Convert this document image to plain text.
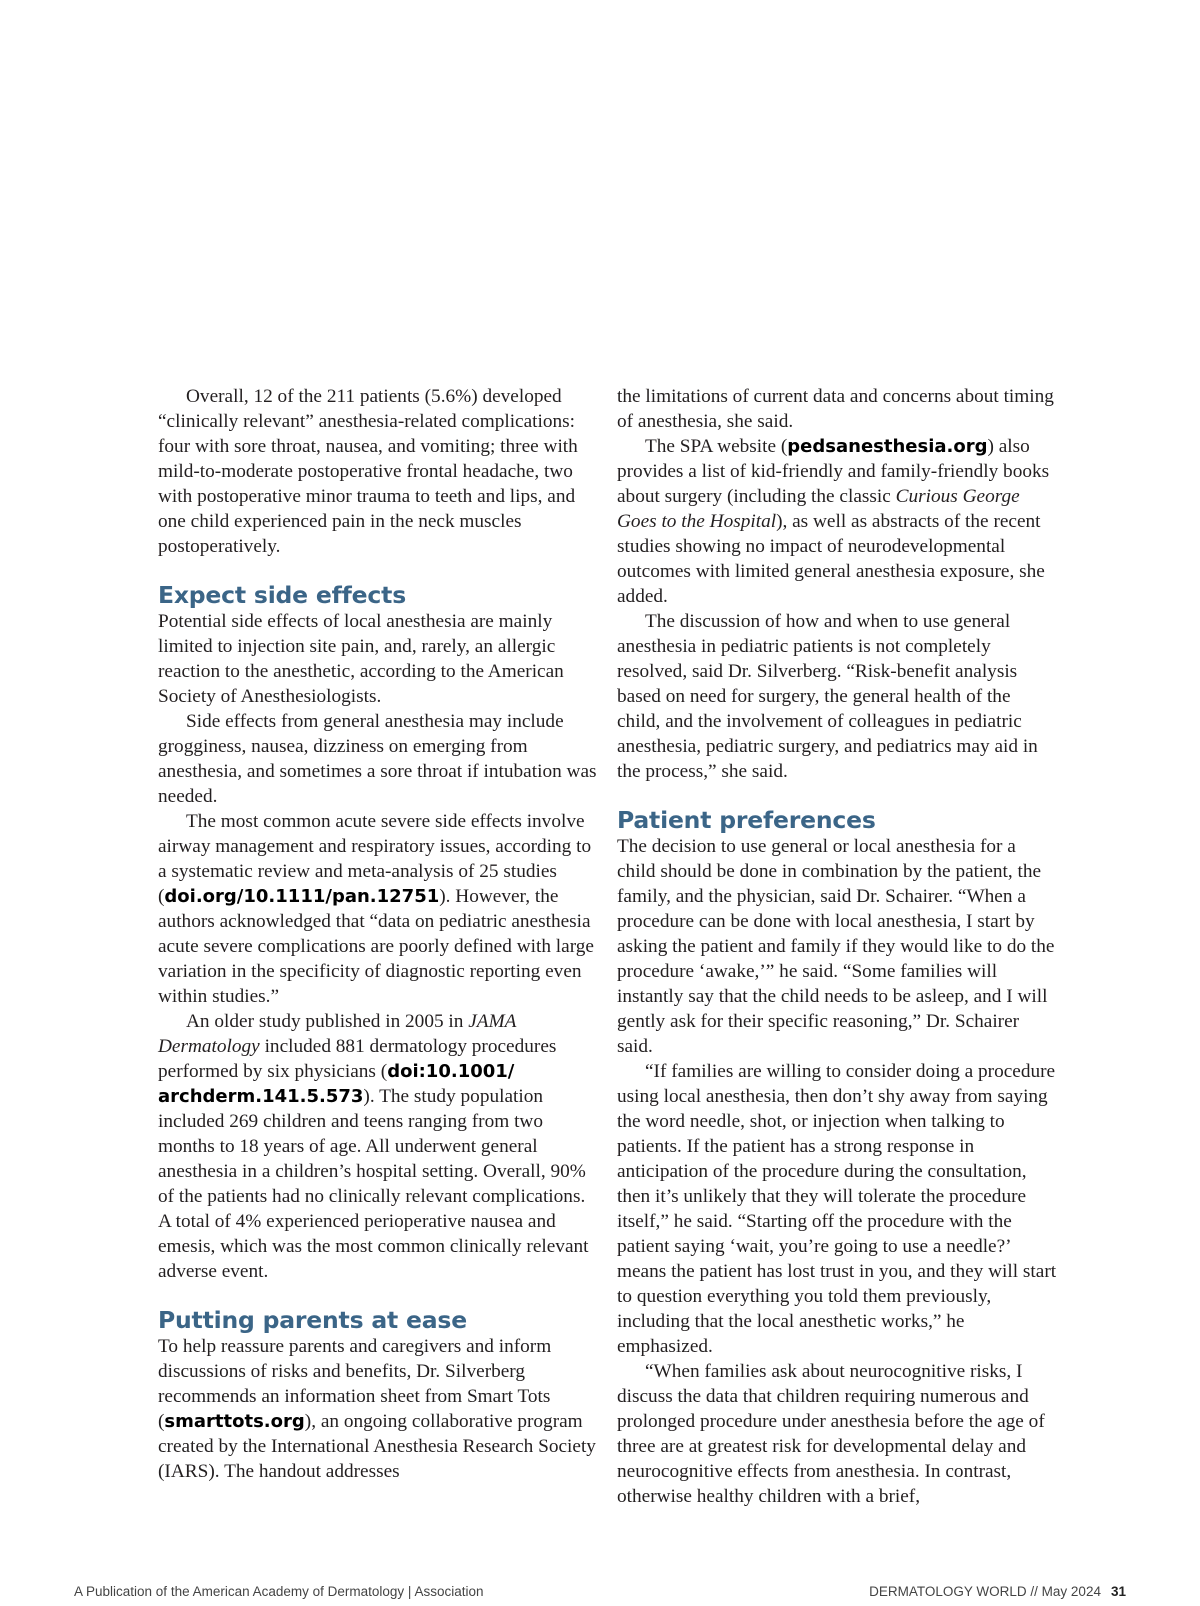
Overall, 12 of the 211 patients (5.6%) developed “clinically relevant” anesthesia-related complications: four with sore throat, nausea, and vomiting; three with mild-to-moderate postoperative frontal headache, two with postoperative minor trauma to teeth and lips, and one child experienced pain in the neck muscles postoperatively.

Expect side effects

Potential side effects of local anesthesia are mainly limited to injection site pain, and, rarely, an allergic reaction to the anesthetic, according to the American Society of Anesthesiologists.

Side effects from general anesthesia may include grogginess, nausea, dizziness on emerging from anesthesia, and sometimes a sore throat if intubation was needed.

The most common acute severe side effects involve airway management and respiratory issues, according to a systematic review and meta-analysis of 25 studies (doi.org/10.1111/pan.12751). However, the authors acknowledged that “data on pediatric anesthesia acute severe complications are poorly defined with large variation in the specificity of diagnostic reporting even within studies.”

An older study published in 2005 in JAMA Dermatology included 881 dermatology procedures performed by six physicians (doi:10.1001/ archderm.141.5.573). The study population included 269 children and teens ranging from two months to 18 years of age. All underwent general anesthesia in a children’s hospital setting. Overall, 90% of the patients had no clinically relevant complications. A total of 4% experienced perioperative nausea and emesis, which was the most common clinically relevant adverse event.

Putting parents at ease

To help reassure parents and caregivers and inform discussions of risks and benefits, Dr. Silverberg recommends an information sheet from Smart Tots (smarttots.org), an ongoing collaborative program created by the International Anesthesia Research Society (IARS). The handout addresses

the limitations of current data and concerns about timing of anesthesia, she said.

The SPA website (pedsanesthesia.org) also provides a list of kid-friendly and family-friendly books about surgery (including the classic Curious George Goes to the Hospital), as well as abstracts of the recent studies showing no impact of neurodevelopmental outcomes with limited general anesthesia exposure, she added.

The discussion of how and when to use general anesthesia in pediatric patients is not completely resolved, said Dr. Silverberg. “Risk-benefit analysis based on need for surgery, the general health of the child, and the involvement of colleagues in pediatric anesthesia, pediatric surgery, and pediatrics may aid in the process,” she said.

Patient preferences

The decision to use general or local anesthesia for a child should be done in combination by the patient, the family, and the physician, said Dr. Schairer. “When a procedure can be done with local anesthesia, I start by asking the patient and family if they would like to do the procedure ‘awake,’” he said. “Some families will instantly say that the child needs to be asleep, and I will gently ask for their specific reasoning,” Dr. Schairer said.

“If families are willing to consider doing a procedure using local anesthesia, then don’t shy away from saying the word needle, shot, or injection when talking to patients. If the patient has a strong response in anticipation of the procedure during the consultation, then it’s unlikely that they will tolerate the procedure itself,” he said. “Starting off the procedure with the patient saying ‘wait, you’re going to use a needle?’ means the patient has lost trust in you, and they will start to question everything you told them previously, including that the local anesthetic works,” he emphasized.

“When families ask about neurocognitive risks, I discuss the data that children requiring numerous and prolonged procedure under anesthesia before the age of three are at greatest risk for developmental delay and neurocognitive effects from anesthesia. In contrast, otherwise healthy children with a brief,

A Publication of the American Academy of Dermatology | Association	DERMATOLOGY WORLD // May 2024 31
